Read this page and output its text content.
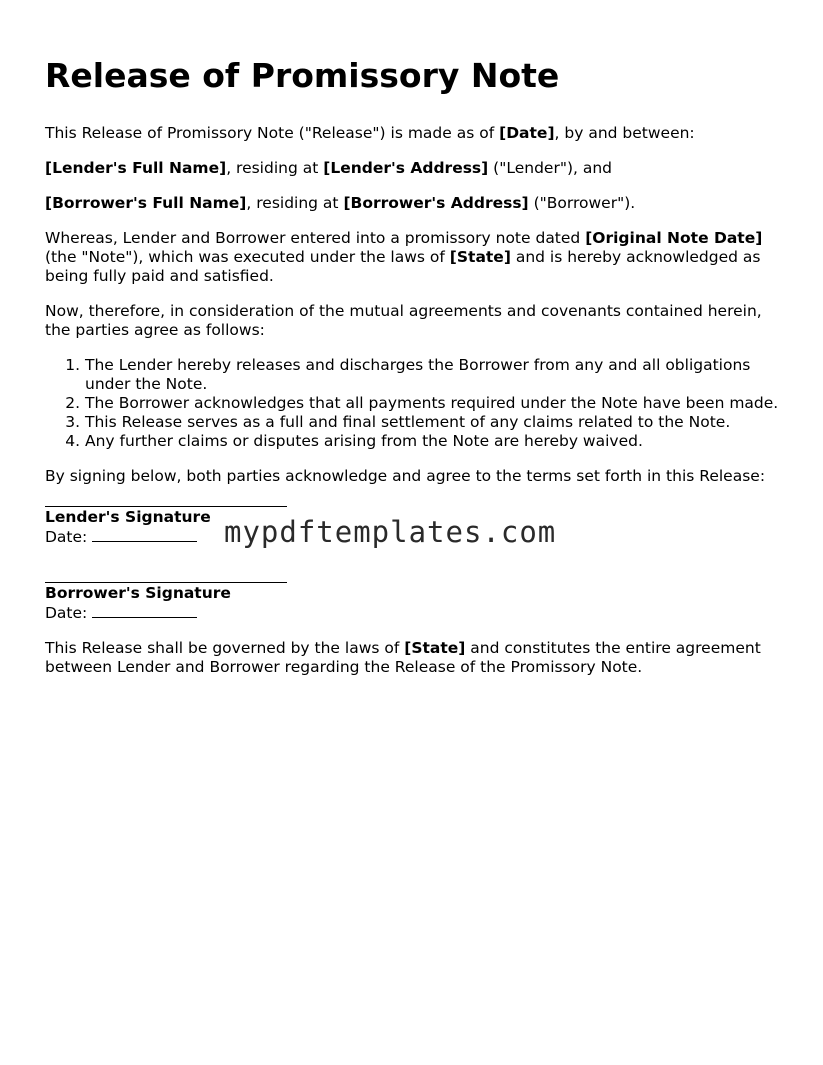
Release of Promissory Note

This Release of Promissory Note ("Release") is made as of [Date], by and between:

[Lender's Full Name], residing at [Lender's Address] ("Lender"), and

[Borrower's Full Name], residing at [Borrower's Address] ("Borrower").

Whereas, Lender and Borrower entered into a promissory note dated [Original Note Date] (the "Note"), which was executed under the laws of [State] and is hereby acknowledged as being fully paid and satisfied.

Now, therefore, in consideration of the mutual agreements and covenants contained herein, the parties agree as follows:

1. The Lender hereby releases and discharges the Borrower from any and all obligations under the Note.
2. The Borrower acknowledges that all payments required under the Note have been made.
3. This Release serves as a full and final settlement of any claims related to the Note.
4. Any further claims or disputes arising from the Note are hereby waived.

By signing below, both parties acknowledge and agree to the terms set forth in this Release:

Lender's Signature
Date:
Borrower's Signature
Date:

This Release shall be governed by the laws of [State] and constitutes the entire agreement between Lender and Borrower regarding the Release of the Promissory Note.

mypdftemplates.com
